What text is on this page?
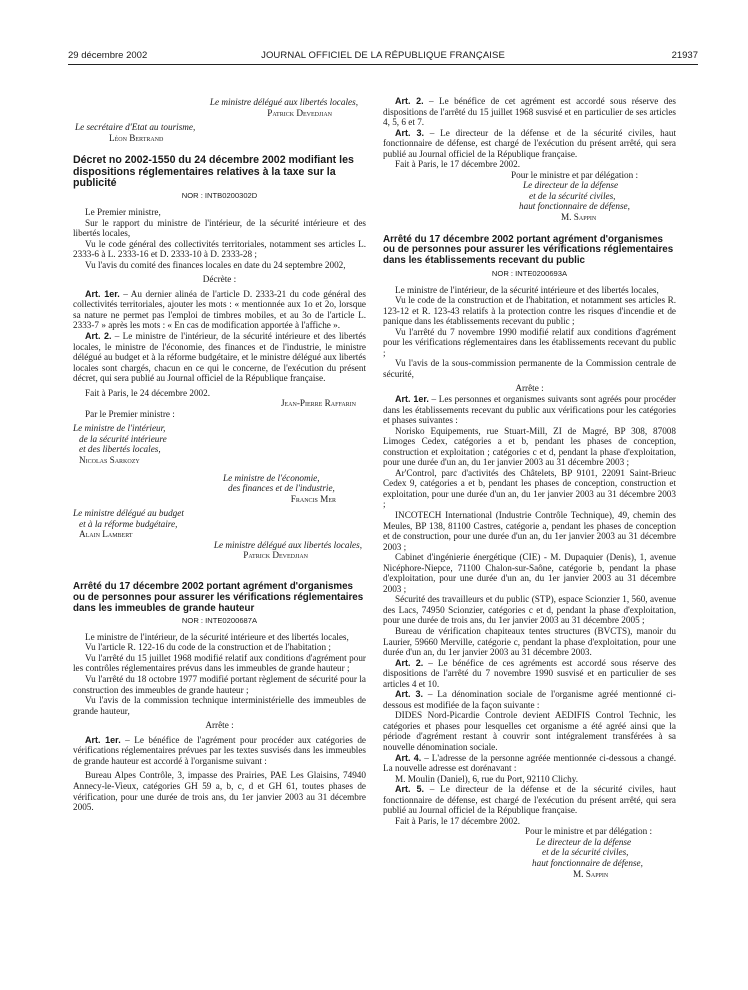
29 décembre 2002	JOURNAL OFFICIEL DE LA RÉPUBLIQUE FRANÇAISE	21937

Le ministre délégué aux libertés locales,

Patrick Devedjian

Le secrétaire d'Etat au tourisme,

Léon Bertrand

Décret no 2002-1550 du 24 décembre 2002 modifiant les dispositions réglementaires relatives à la taxe sur la publicité

NOR : INTB0200302D

Le Premier ministre,

Sur le rapport du ministre de l'intérieur, de la sécurité intérieure et des libertés locales,

Vu le code général des collectivités territoriales, notamment ses articles L. 2333-6 à L. 2333-16 et D. 2333-10 à D. 2333-28 ;

Vu l'avis du comité des finances locales en date du 24 septembre 2002,

Décrète :

Art. 1er. – Au dernier alinéa de l'article D. 2333-21 du code général des collectivités territoriales, ajouter les mots : « mentionnée aux 1o et 2o, lorsque sa nature ne permet pas l'emploi de timbres mobiles, et au 3o de l'article L. 2333-7 » après les mots : « En cas de modification apportée à l'affiche ».

Art. 2. – Le ministre de l'intérieur, de la sécurité intérieure et des libertés locales, le ministre de l'économie, des finances et de l'industrie, le ministre délégué au budget et à la réforme budgétaire, et le ministre délégué aux libertés locales sont chargés, chacun en ce qui le concerne, de l'exécution du présent décret, qui sera publié au Journal officiel de la République française.

Fait à Paris, le 24 décembre 2002.

Jean-Pierre Raffarin

Par le Premier ministre :

Le ministre de l'intérieur,

de la sécurité intérieure

et des libertés locales,

Nicolas Sarkozy

Le ministre de l'économie,

des finances et de l'industrie,

Francis Mer

Le ministre délégué au budget

et à la réforme budgétaire,

Alain Lambert

Le ministre délégué aux libertés locales,

Patrick Devedjian

Arrêté du 17 décembre 2002 portant agrément d'organismes ou de personnes pour assurer les vérifications réglementaires dans les immeubles de grande hauteur

NOR : INTE0200687A

Le ministre de l'intérieur, de la sécurité intérieure et des libertés locales,

Vu l'article R. 122-16 du code de la construction et de l'habitation ;

Vu l'arrêté du 15 juillet 1968 modifié relatif aux conditions d'agrément pour les contrôles réglementaires prévus dans les immeubles de grande hauteur ;

Vu l'arrêté du 18 octobre 1977 modifié portant règlement de sécurité pour la construction des immeubles de grande hauteur ;

Vu l'avis de la commission technique interministérielle des immeubles de grande hauteur,

Arrête :

Art. 1er. – Le bénéfice de l'agrément pour procéder aux catégories de vérifications réglementaires prévues par les textes susvisés dans les immeubles de grande hauteur est accordé à l'organisme suivant :

Bureau Alpes Contrôle, 3, impasse des Prairies, PAE Les Glaisins, 74940 Annecy-le-Vieux, catégories GH 59 a, b, c, d et GH 61, toutes phases de vérification, pour une durée de trois ans, du 1er janvier 2003 au 31 décembre 2005.

Art. 2. – Le bénéfice de cet agrément est accordé sous réserve des dispositions de l'arrêté du 15 juillet 1968 susvisé et en particulier de ses articles 4, 5, 6 et 7.

Art. 3. – Le directeur de la défense et de la sécurité civiles, haut fonctionnaire de défense, est chargé de l'exécution du présent arrêté, qui sera publié au Journal officiel de la République française.

Fait à Paris, le 17 décembre 2002.

Pour le ministre et par délégation :

Le directeur de la défense

et de la sécurité civiles,

haut fonctionnaire de défense,

M. Sappin

Arrêté du 17 décembre 2002 portant agrément d'organismes ou de personnes pour assurer les vérifications réglementaires dans les établissements recevant du public

NOR : INTE0200693A

Le ministre de l'intérieur, de la sécurité intérieure et des libertés locales,

Vu le code de la construction et de l'habitation, et notamment ses articles R. 123-12 et R. 123-43 relatifs à la protection contre les risques d'incendie et de panique dans les établissements recevant du public ;

Vu l'arrêté du 7 novembre 1990 modifié relatif aux conditions d'agrément pour les vérifications réglementaires dans les établissements recevant du public ;

Vu l'avis de la sous-commission permanente de la Commission centrale de sécurité,

Arrête :

Art. 1er. – Les personnes et organismes suivants sont agréés pour procéder dans les établissements recevant du public aux vérifications pour les catégories et phases suivantes :

Norisko Equipements, rue Stuart-Mill, ZI de Magré, BP 308, 87008 Limoges Cedex, catégories a et b, pendant les phases de conception, construction et exploitation ; catégories c et d, pendant la phase d'exploitation, pour une durée d'un an, du 1er janvier 2003 au 31 décembre 2003 ;

Ar'Control, parc d'activités des Châtelets, BP 9101, 22091 Saint-Brieuc Cedex 9, catégories a et b, pendant les phases de conception, construction et exploitation, pour une durée d'un an, du 1er janvier 2003 au 31 décembre 2003 ;

INCOTECH International (Industrie Contrôle Technique), 49, chemin des Meules, BP 138, 81100 Castres, catégorie a, pendant les phases de conception et de construction, pour une durée d'un an, du 1er janvier 2003 au 31 décembre 2003 ;

Cabinet d'ingénierie énergétique (CIE) - M. Dupaquier (Denis), 1, avenue Nicéphore-Niepce, 71100 Chalon-sur-Saône, catégorie b, pendant la phase d'exploitation, pour une durée d'un an, du 1er janvier 2003 au 31 décembre 2003 ;

Sécurité des travailleurs et du public (STP), espace Scionzier 1, 560, avenue des Lacs, 74950 Scionzier, catégories c et d, pendant la phase d'exploitation, pour une durée de trois ans, du 1er janvier 2003 au 31 décembre 2005 ;

Bureau de vérification chapiteaux tentes structures (BVCTS), manoir du Laurier, 59660 Merville, catégorie c, pendant la phase d'exploitation, pour une durée d'un an, du 1er janvier 2003 au 31 décembre 2003.

Art. 2. – Le bénéfice de ces agréments est accordé sous réserve des dispositions de l'arrêté du 7 novembre 1990 susvisé et en particulier de ses articles 4 et 10.

Art. 3. – La dénomination sociale de l'organisme agréé mentionné ci-dessous est modifiée de la façon suivante :

DIDES Nord-Picardie Controle devient AEDIFIS Control Technic, les catégories et phases pour lesquelles cet organisme a été agréé ainsi que la période d'agrément restant à couvrir sont intégralement transférées à sa nouvelle dénomination sociale.

Art. 4. – L'adresse de la personne agréée mentionnée ci-dessous a changé. La nouvelle adresse est dorénavant :

M. Moulin (Daniel), 6, rue du Port, 92110 Clichy.

Art. 5. – Le directeur de la défense et de la sécurité civiles, haut fonctionnaire de défense, est chargé de l'exécution du présent arrêté, qui sera publié au Journal officiel de la République française.

Fait à Paris, le 17 décembre 2002.

Pour le ministre et par délégation :

Le directeur de la défense

et de la sécurité civiles,

haut fonctionnaire de défense,

M. Sappin
